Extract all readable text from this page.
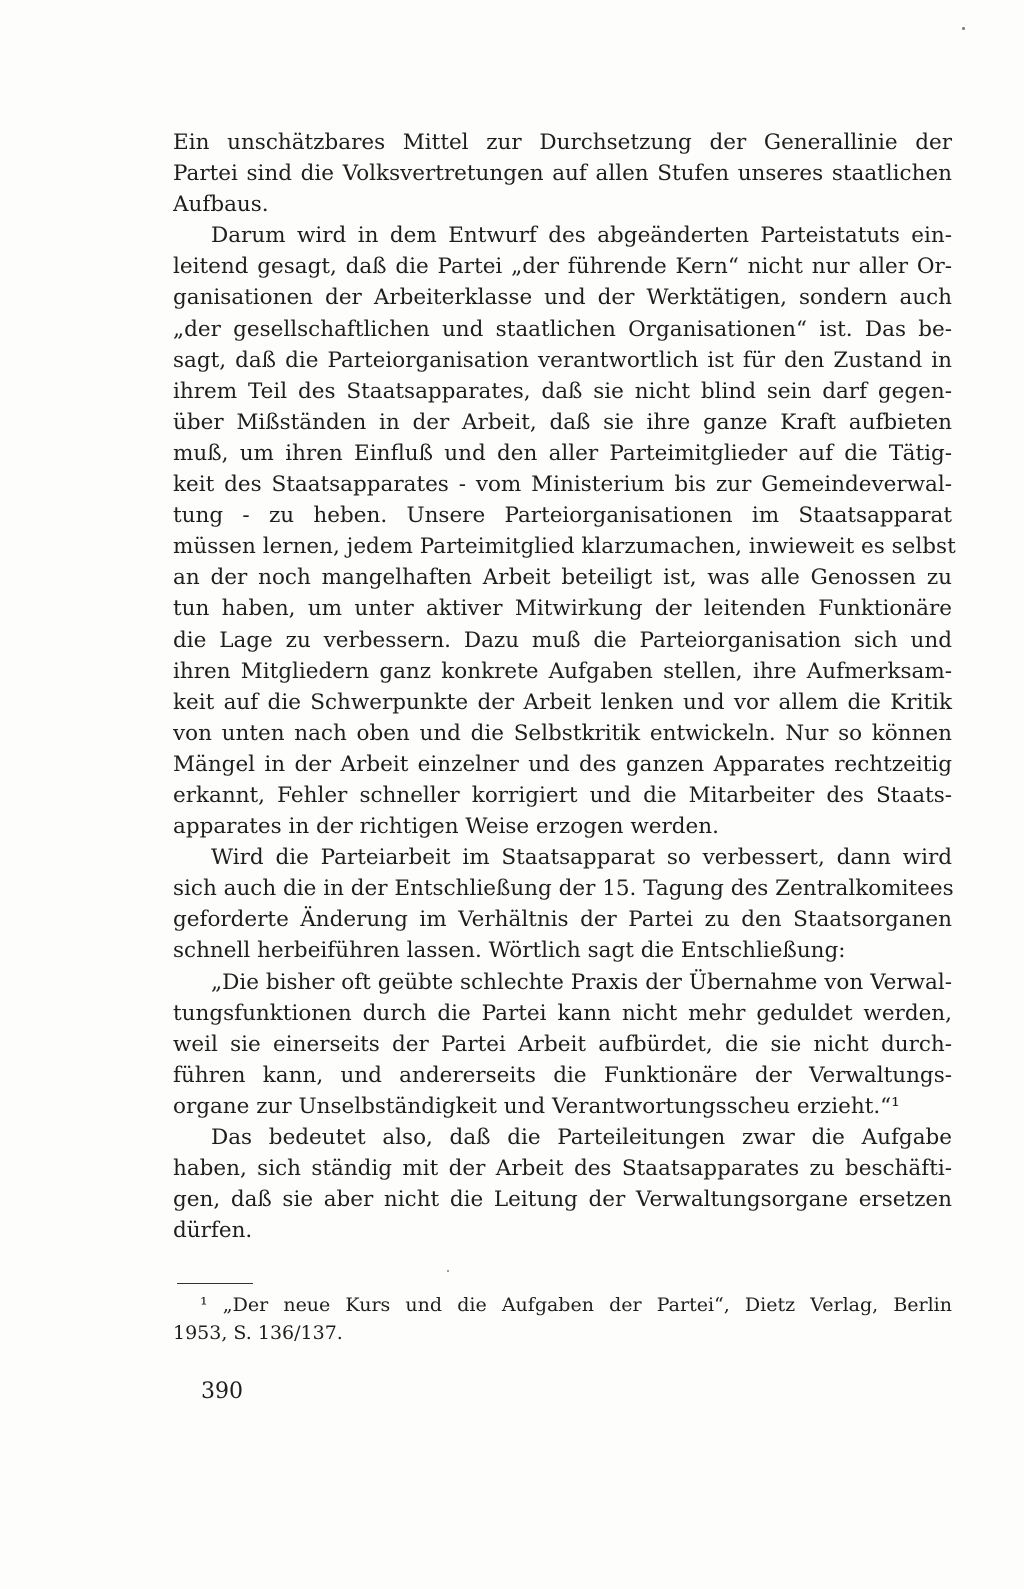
Ein unschätzbares Mittel zur Durchsetzung der Generallinie der
Partei sind die Volksvertretungen auf allen Stufen unseres staatlichen
Aufbaus.
Darum wird in dem Entwurf des abgeänderten Parteistatuts ein-
leitend gesagt, daß die Partei „der führende Kern“ nicht nur aller Or-
ganisationen der Arbeiterklasse und der Werktätigen, sondern auch
„der gesellschaftlichen und staatlichen Organisationen“ ist. Das be-
sagt, daß die Parteiorganisation verantwortlich ist für den Zustand in
ihrem Teil des Staatsapparates, daß sie nicht blind sein darf gegen-
über Mißständen in der Arbeit, daß sie ihre ganze Kraft aufbieten
muß, um ihren Einfluß und den aller Parteimitglieder auf die Tätig-
keit des Staatsapparates - vom Ministerium bis zur Gemeindeverwal-
tung - zu heben. Unsere Parteiorganisationen im Staatsapparat
müssen lernen, jedem Parteimitglied klarzumachen, inwieweit es selbst
an der noch mangelhaften Arbeit beteiligt ist, was alle Genossen zu
tun haben, um unter aktiver Mitwirkung der leitenden Funktionäre
die Lage zu verbessern. Dazu muß die Parteiorganisation sich und
ihren Mitgliedern ganz konkrete Aufgaben stellen, ihre Aufmerksam-
keit auf die Schwerpunkte der Arbeit lenken und vor allem die Kritik
von unten nach oben und die Selbstkritik entwickeln. Nur so können
Mängel in der Arbeit einzelner und des ganzen Apparates rechtzeitig
erkannt, Fehler schneller korrigiert und die Mitarbeiter des Staats-
apparates in der richtigen Weise erzogen werden.
Wird die Parteiarbeit im Staatsapparat so verbessert, dann wird
sich auch die in der Entschließung der 15. Tagung des Zentralkomitees
geforderte Änderung im Verhältnis der Partei zu den Staatsorganen
schnell herbeiführen lassen. Wörtlich sagt die Entschließung:
„Die bisher oft geübte schlechte Praxis der Übernahme von Verwal-
tungsfunktionen durch die Partei kann nicht mehr geduldet werden,
weil sie einerseits der Partei Arbeit aufbürdet, die sie nicht durch-
führen kann, und andererseits die Funktionäre der Verwaltungs-
organe zur Unselbständigkeit und Verantwortungsscheu erzieht.“¹
Das bedeutet also, daß die Parteileitungen zwar die Aufgabe
haben, sich ständig mit der Arbeit des Staatsapparates zu beschäfti-
gen, daß sie aber nicht die Leitung der Verwaltungsorgane ersetzen
dürfen.
¹ „Der neue Kurs und die Aufgaben der Partei“, Dietz Verlag, Berlin
1953, S. 136/137.
390
